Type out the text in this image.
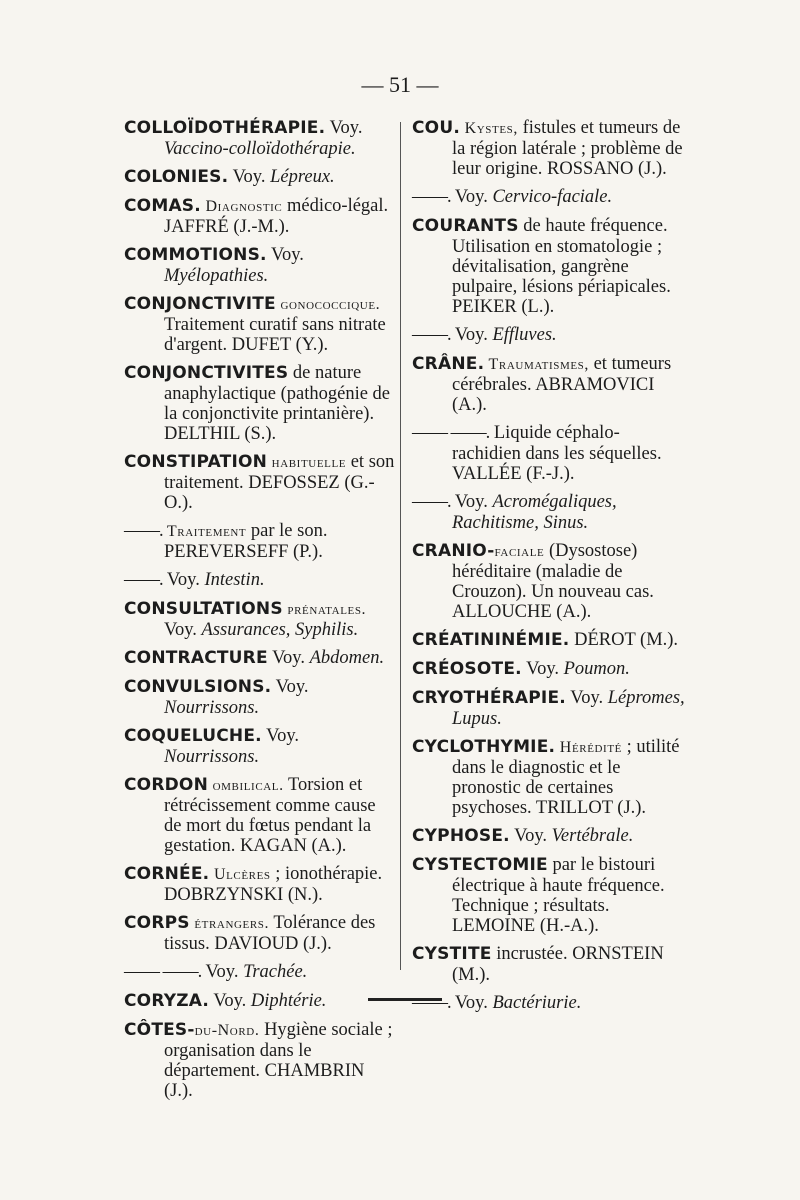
— 51 —

COLLOÏDOTHÉRAPIE. Voy. Vaccino-colloïdothérapie.

COLONIES. Voy. Lépreux.

COMAS. Diagnostic médico-légal. JAFFRÉ (J.-M.).

COMMOTIONS. Voy. Myélopathies.

CONJONCTIVITE gonococcique. Traitement curatif sans nitrate d'argent. DUFET (Y.).

CONJONCTIVITES de nature anaphylactique (pathogénie de la conjonctivite printanière). DELTHIL (S.).

CONSTIPATION habituelle et son traitement. DEFOSSEZ (G.-O.).

——. Traitement par le son. PEREVERSEFF (P.).

——. Voy. Intestin.

CONSULTATIONS prénatales. Voy. Assurances, Syphilis.

CONTRACTURE Voy. Abdomen.

CONVULSIONS. Voy. Nourrissons.

COQUELUCHE. Voy. Nourrissons.

CORDON ombilical. Torsion et rétrécissement comme cause de mort du fœtus pendant la gestation. KAGAN (A.).

CORNÉE. Ulcères ; ionothérapie. DOBRZYNSKI (N.).

CORPS étrangers. Tolérance des tissus. DAVIOUD (J.).

—— ——. Voy. Trachée.

CORYZA. Voy. Diphtérie.

CÔTES-du-Nord. Hygiène sociale ; organisation dans le département. CHAMBRIN (J.).

COU. Kystes, fistules et tumeurs de la région latérale ; problème de leur origine. ROSSANO (J.).

——. Voy. Cervico-faciale.

COURANTS de haute fréquence. Utilisation en stomatologie ; dévitalisation, gangrène pulpaire, lésions périapicales. PEIKER (L.).

——. Voy. Effluves.

CRÂNE. Traumatismes, et tumeurs cérébrales. ABRAMOVICI (A.).

—— ——. Liquide céphalo-rachidien dans les séquelles. VALLÉE (F.-J.).

——. Voy. Acromégaliques, Rachitisme, Sinus.

CRANIO-faciale (Dysostose) héréditaire (maladie de Crouzon). Un nouveau cas. ALLOUCHE (A.).

CRÉATININÉMIE. DÉROT (M.).

CRÉOSOTE. Voy. Poumon.

CRYOTHÉRAPIE. Voy. Lépromes, Lupus.

CYCLOTHYMIE. Hérédité ; utilité dans le diagnostic et le pronostic de certaines psychoses. TRILLOT (J.).

CYPHOSE. Voy. Vertébrale.

CYSTECTOMIE par le bistouri électrique à haute fréquence. Technique ; résultats. LEMOINE (H.-A.).

CYSTITE incrustée. ORNSTEIN (M.).

——. Voy. Bactériurie.
